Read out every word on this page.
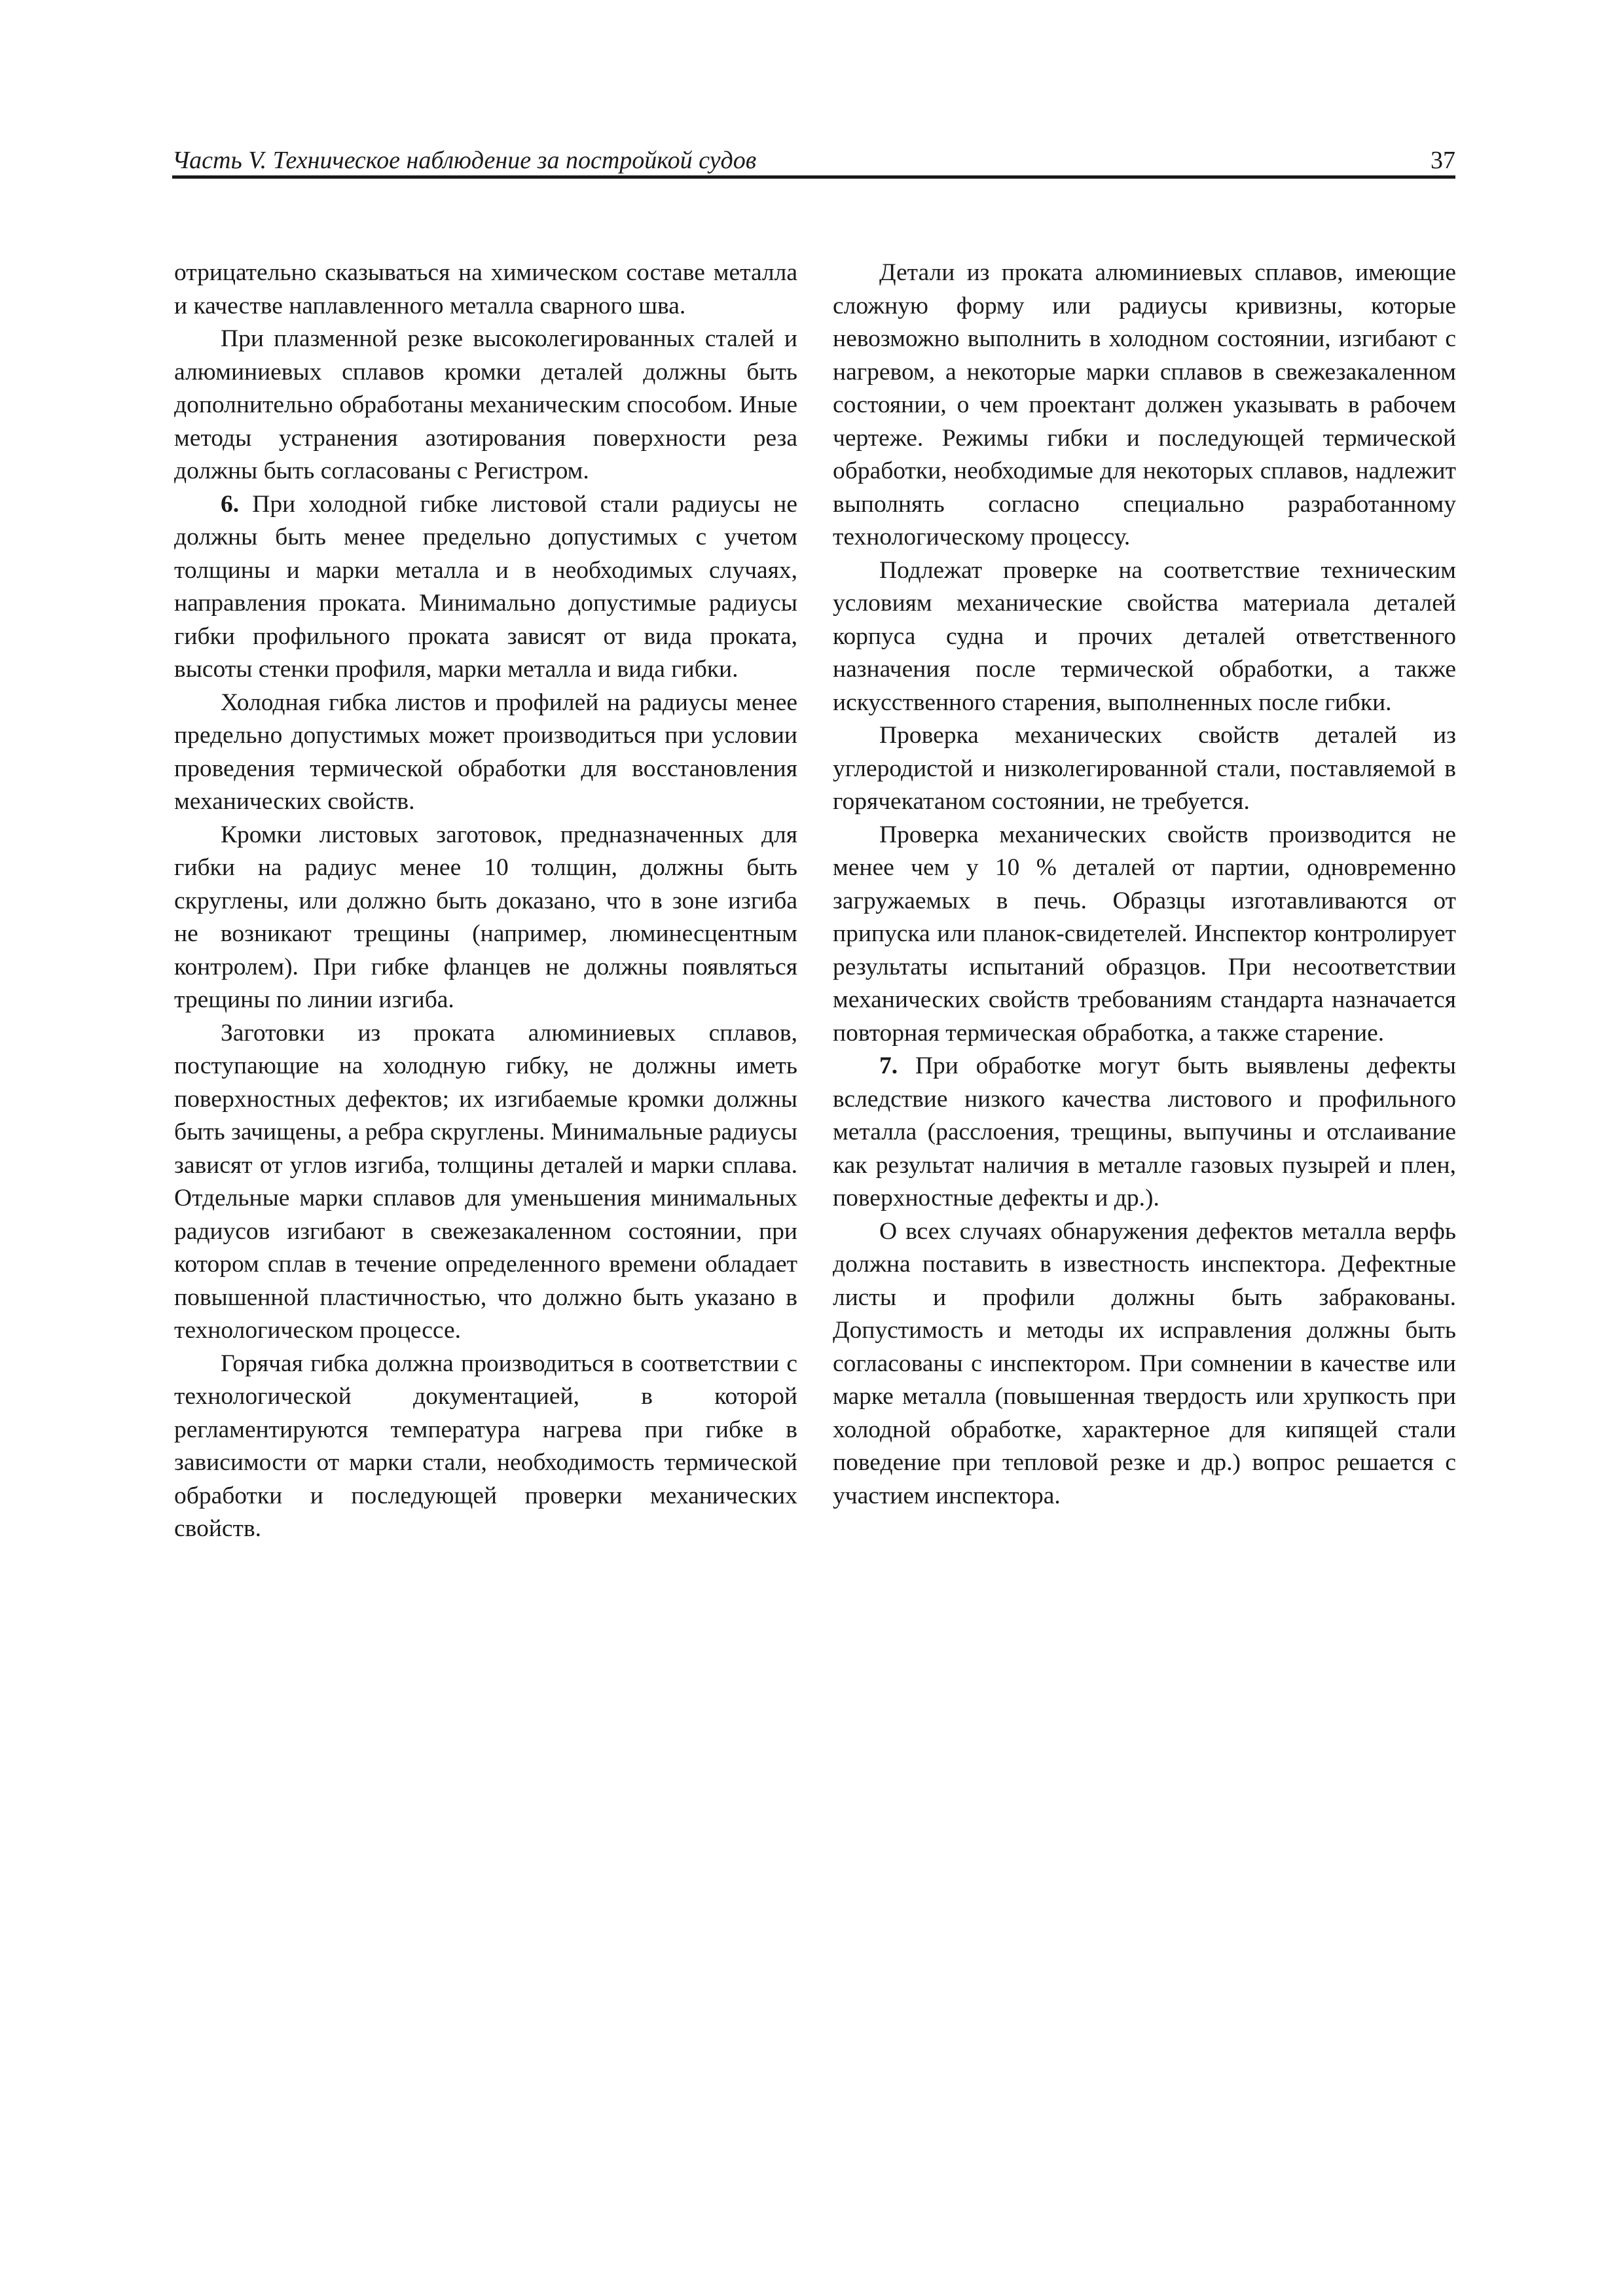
Часть V. Техническое наблюдение за постройкой судов	37

отрицательно сказываться на химическом составе металла и качестве наплавленного металла сварного шва.

При плазменной резке высоколегированных сталей и алюминиевых сплавов кромки деталей должны быть дополнительно обработаны механическим способом. Иные методы устранения азотирования поверхности реза должны быть согласованы с Регистром.

6. При холодной гибке листовой стали радиусы не должны быть менее предельно допустимых с учетом толщины и марки металла и в необходимых случаях, направления проката. Минимально допустимые радиусы гибки профильного проката зависят от вида проката, высоты стенки профиля, марки металла и вида гибки.

Холодная гибка листов и профилей на радиусы менее предельно допустимых может производиться при условии проведения термической обработки для восстановления механических свойств.

Кромки листовых заготовок, предназначенных для гибки на радиус менее 10 толщин, должны быть скруглены, или должно быть доказано, что в зоне изгиба не возникают трещины (например, люминесцентным контролем). При гибке фланцев не должны появляться трещины по линии изгиба.

Заготовки из проката алюминиевых сплавов, поступающие на холодную гибку, не должны иметь поверхностных дефектов; их изгибаемые кромки должны быть зачищены, а ребра скруглены. Минимальные радиусы зависят от углов изгиба, толщины деталей и марки сплава. Отдельные марки сплавов для уменьшения минимальных радиусов изгибают в свежезакаленном состоянии, при котором сплав в течение определенного времени обладает повышенной пластичностью, что должно быть указано в технологическом процессе.

Горячая гибка должна производиться в соответствии с технологической документацией, в которой регламентируются температура нагрева при гибке в зависимости от марки стали, необходимость термической обработки и последующей проверки механических свойств.

Детали из проката алюминиевых сплавов, имеющие сложную форму или радиусы кривизны, которые невозможно выполнить в холодном состоянии, изгибают с нагревом, а некоторые марки сплавов в свежезакаленном состоянии, о чем проектант должен указывать в рабочем чертеже. Режимы гибки и последующей термической обработки, необходимые для некоторых сплавов, надлежит выполнять согласно специально разработанному технологическому процессу.

Подлежат проверке на соответствие техническим условиям механические свойства материала деталей корпуса судна и прочих деталей ответственного назначения после термической обработки, а также искусственного старения, выполненных после гибки.

Проверка механических свойств деталей из углеродистой и низколегированной стали, поставляемой в горячекатаном состоянии, не требуется.

Проверка механических свойств производится не менее чем у 10 % деталей от партии, одновременно загружаемых в печь. Образцы изготавливаются от припуска или планок-свидетелей. Инспектор контролирует результаты испытаний образцов. При несоответствии механических свойств требованиям стандарта назначается повторная термическая обработка, а также старение.

7. При обработке могут быть выявлены дефекты вследствие низкого качества листового и профильного металла (расслоения, трещины, выпучины и отслаивание как результат наличия в металле газовых пузырей и плен, поверхностные дефекты и др.).

О всех случаях обнаружения дефектов металла верфь должна поставить в известность инспектора. Дефектные листы и профили должны быть забракованы. Допустимость и методы их исправления должны быть согласованы с инспектором. При сомнении в качестве или марке металла (повышенная твердость или хрупкость при холодной обработке, характерное для кипящей стали поведение при тепловой резке и др.) вопрос решается с участием инспектора.
